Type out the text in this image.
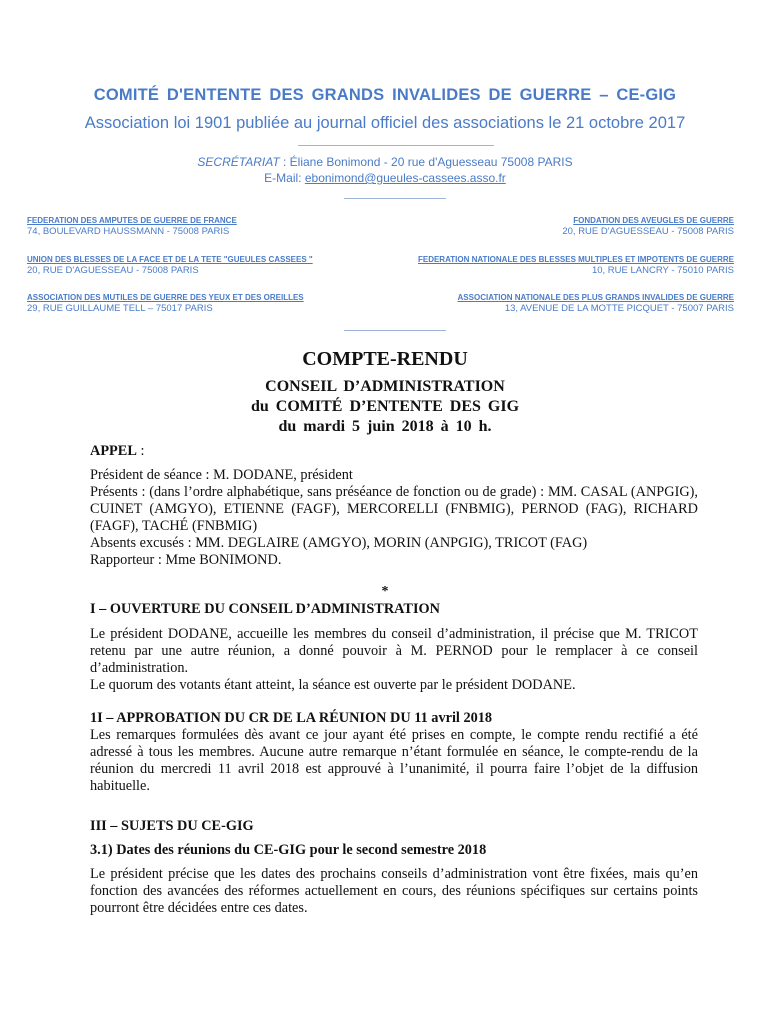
COMITÉ D'ENTENTE DES GRANDS INVALIDES DE GUERRE – CE-GIG
Association loi 1901 publiée au journal officiel des associations le 21 octobre 2017
SECRÉTARIAT : Éliane Bonimond - 20 rue d'Aguesseau 75008 PARIS
E-Mail: ebonimond@gueules-cassees.asso.fr
FEDERATION DES AMPUTES DE GUERRE DE FRANCE
74, BOULEVARD HAUSSMANN - 75008 PARIS
FONDATION DES AVEUGLES DE GUERRE
20, RUE D'AGUESSEAU - 75008 PARIS
UNION DES BLESSES DE LA FACE ET DE LA TETE "GUEULES CASSEES "
20, RUE D'AGUESSEAU - 75008 PARIS
FEDERATION NATIONALE DES BLESSES MULTIPLES ET IMPOTENTS DE GUERRE
10, RUE LANCRY - 75010 PARIS
ASSOCIATION DES MUTILES DE GUERRE DES YEUX ET DES OREILLES
29, RUE GUILLAUME TELL – 75017 PARIS
ASSOCIATION NATIONALE DES PLUS GRANDS INVALIDES DE GUERRE
13, AVENUE DE LA MOTTE PICQUET - 75007 PARIS
COMPTE-RENDU
CONSEIL D’ADMINISTRATION
du COMITÉ D’ENTENTE DES GIG
du mardi 5 juin 2018 à 10 h.

APPEL :

Président de séance : M. DODANE, président

Présents : (dans l’ordre alphabétique, sans préséance de fonction ou de grade) : MM. CASAL (ANPGIG), CUINET (AMGYO), ETIENNE (FAGF), MERCORELLI (FNBMIG), PERNOD (FAG), RICHARD (FAGF), TACHÉ (FNBMIG)

Absents excusés : MM. DEGLAIRE (AMGYO), MORIN (ANPGIG), TRICOT (FAG)

Rapporteur : Mme BONIMOND.

*

I – OUVERTURE DU CONSEIL D’ADMINISTRATION

Le président DODANE, accueille les membres du conseil d’administration, il précise que M. TRICOT retenu par une autre réunion, a donné pouvoir à M. PERNOD pour le remplacer à ce conseil d’administration.

Le quorum des votants étant atteint, la séance est ouverte par le président DODANE.

1I – APPROBATION DU CR DE LA RÉUNION DU 11 avril 2018

Les remarques formulées dès avant ce jour ayant été prises en compte, le compte rendu rectifié a été adressé à tous les membres. Aucune autre remarque n’étant formulée en séance, le compte-rendu de la réunion du mercredi 11 avril 2018 est approuvé à l’unanimité, il pourra faire l’objet de la diffusion habituelle.

III – SUJETS DU CE-GIG

3.1) Dates des réunions du CE-GIG pour le second semestre 2018

Le président précise que les dates des prochains conseils d’administration vont être fixées, mais qu’en fonction des avancées des réformes actuellement en cours, des réunions spécifiques sur certains points pourront être décidées entre ces dates.
